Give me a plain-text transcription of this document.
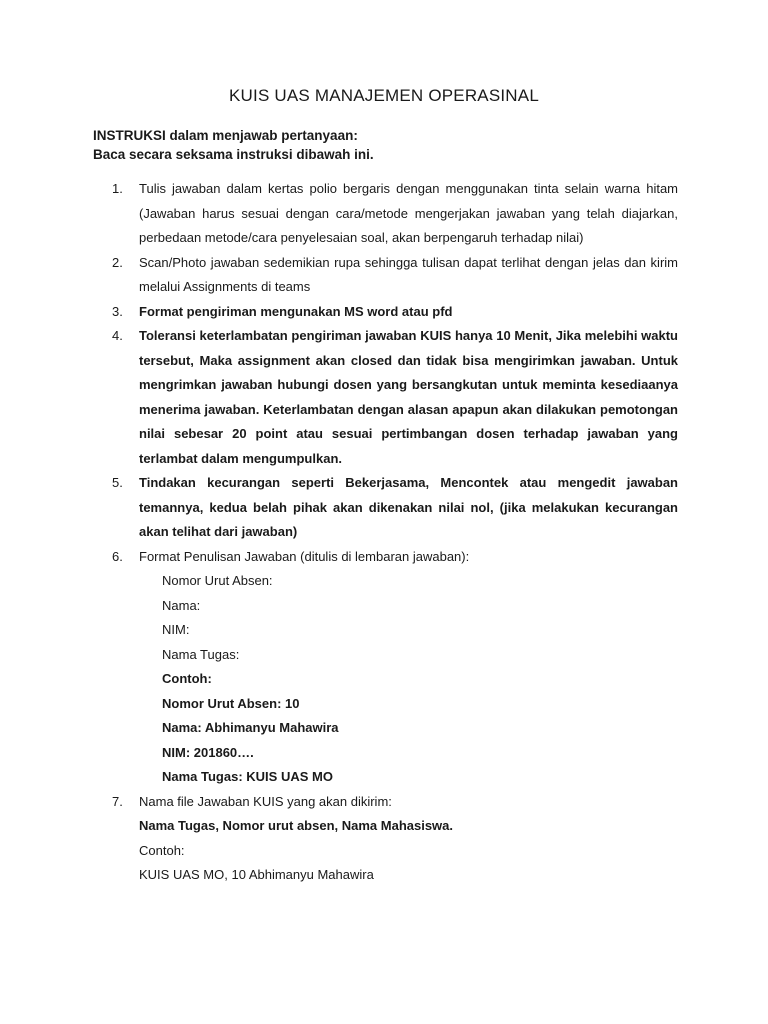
KUIS UAS MANAJEMEN OPERASINAL
INSTRUKSI dalam menjawab pertanyaan:
Baca secara seksama instruksi dibawah ini.
1. Tulis jawaban dalam kertas polio bergaris dengan menggunakan tinta selain warna hitam (Jawaban harus sesuai dengan cara/metode mengerjakan jawaban yang telah diajarkan, perbedaan metode/cara penyelesaian soal, akan berpengaruh terhadap nilai)

2. Scan/Photo jawaban sedemikian rupa sehingga tulisan dapat terlihat dengan jelas dan kirim melalui Assignments di teams

3. Format pengiriman mengunakan MS word atau pfd

4. Toleransi keterlambatan pengiriman jawaban KUIS hanya 10 Menit, Jika melebihi waktu tersebut, Maka assignment akan closed dan tidak bisa mengirimkan jawaban. Untuk mengrimkan jawaban hubungi dosen yang bersangkutan untuk meminta kesediaanya menerima jawaban. Keterlambatan dengan alasan apapun akan dilakukan pemotongan nilai sebesar 20 point atau sesuai pertimbangan dosen terhadap jawaban yang terlambat dalam mengumpulkan.

5. Tindakan kecurangan seperti Bekerjasama, Mencontek atau mengedit jawaban temannya, kedua belah pihak akan dikenakan nilai nol, (jika melakukan kecurangan akan telihat dari jawaban)

6. Format Penulisan Jawaban (ditulis di lembaran jawaban):

Nomor Urut Absen:

Nama:

NIM:

Nama Tugas:

Contoh:

Nomor Urut Absen: 10

Nama: Abhimanyu Mahawira

NIM: 201860….

Nama Tugas: KUIS UAS MO

7. Nama file Jawaban KUIS yang akan dikirim:

Nama Tugas, Nomor urut absen, Nama Mahasiswa.

Contoh:

KUIS UAS MO, 10 Abhimanyu Mahawira
